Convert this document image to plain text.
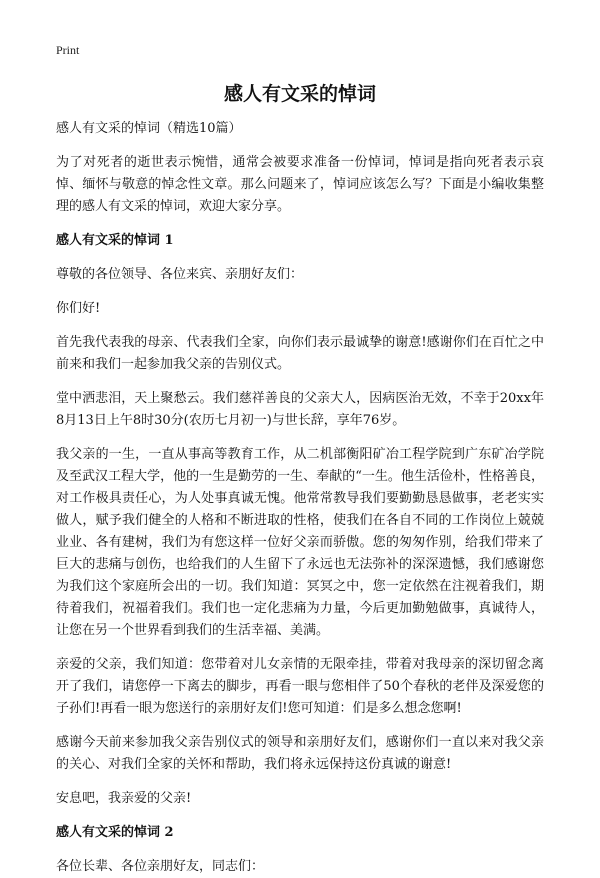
Print
感人有文采的悼词
感人有文采的悼词（精选10篇）

为了对死者的逝世表示惋惜，通常会被要求准备一份悼词，悼词是指向死者表示哀悼、缅怀与敬意的悼念性文章。那么问题来了，悼词应该怎么写？下面是小编收集整理的感人有文采的悼词，欢迎大家分享。

感人有文采的悼词 1

尊敬的各位领导、各位来宾、亲朋好友们：

你们好!

首先我代表我的母亲、代表我们全家，向你们表示最诚挚的谢意!感谢你们在百忙之中前来和我们一起参加我父亲的告别仪式。

堂中洒悲泪，天上聚愁云。我们慈祥善良的父亲大人，因病医治无效，不幸于20xx年8月13日上午8时30分(农历七月初一)与世长辞，享年76岁。

我父亲的一生，一直从事高等教育工作，从二机部衡阳矿冶工程学院到广东矿冶学院及至武汉工程大学，他的一生是勤劳的一生、奉献的“一生。他生活俭朴，性格善良，对工作极具责任心，为人处事真诚无愧。他常常教导我们要勤勤恳恳做事，老老实实做人，赋予我们健全的人格和不断进取的性格，使我们在各自不同的工作岗位上兢兢业业、各有建树，我们为有您这样一位好父亲而骄傲。您的匆匆作别，给我们带来了巨大的悲痛与创伤，也给我们的人生留下了永远也无法弥补的深深遗憾，我们感谢您为我们这个家庭所会出的一切。我们知道：冥冥之中，您一定依然在注视着我们，期待着我们，祝福着我们。我们也一定化悲痛为力量，今后更加勤勉做事，真诚待人，让您在另一个世界看到我们的生活幸福、美满。

亲爱的父亲，我们知道：您带着对儿女亲情的无限牵挂，带着对我母亲的深切留念离开了我们，请您停一下离去的脚步，再看一眼与您相伴了50个春秋的老伴及深爱您的子孙们!再看一眼为您送行的亲朋好友们!您可知道：们是多么想念您啊!

感谢今天前来参加我父亲告别仪式的领导和亲朋好友们，感谢你们一直以来对我父亲的关心、对我们全家的关怀和帮助，我们将永远保持这份真诚的谢意!

安息吧，我亲爱的父亲!

感人有文采的悼词 2

各位长辈、各位亲朋好友，同志们：
